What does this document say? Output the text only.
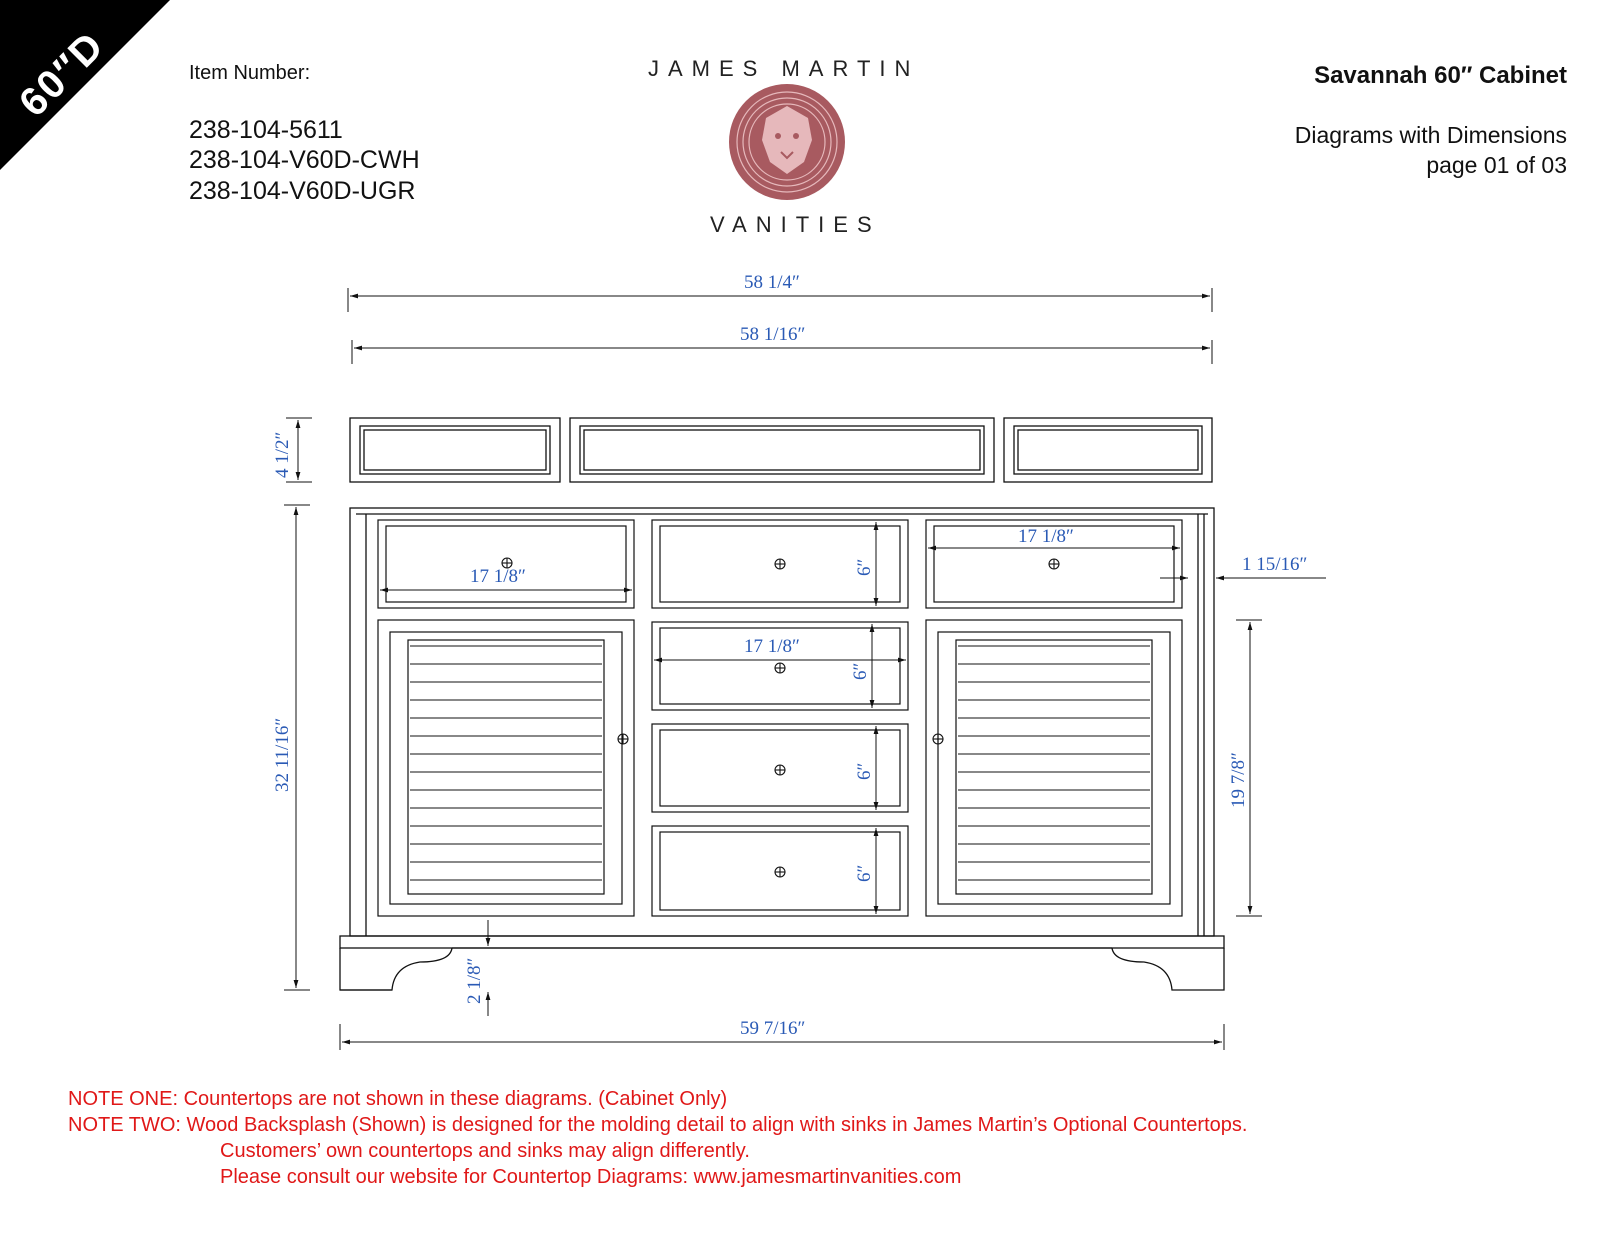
60″D	Item Number:
238-104-5611
238-104-V60D-CWH
238-104-V60D-UGR
JAMES MARTIN
VANITIES
Savannah 60″ Cabinet
Diagrams with Dimensions
page 01 of 03
58 1/4″
58 1/16″
4 1/2″
32 11/16″
17 1/8″
17 1/8″
17 1/8″
1 15/16″
6″
6″
6″
6″
19 7/8″
2 1/8″
59 7/16″
NOTE ONE: Countertops are not shown in these diagrams. (Cabinet Only)
NOTE TWO: Wood Backsplash (Shown) is designed for the molding detail to align with sinks in James Martin’s Optional Countertops.
Customers’ own countertops and sinks may align differently.
Please consult our website for Countertop Diagrams: www.jamesmartinvanities.com
